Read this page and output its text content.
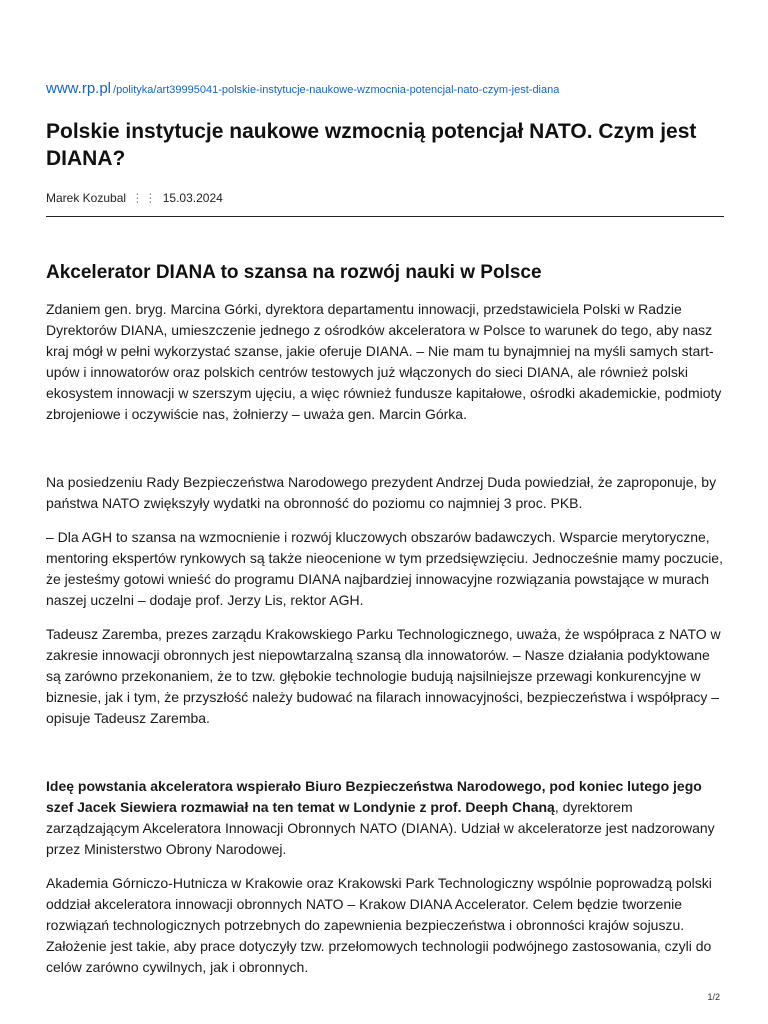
www.rp.pl /polityka/art39995041-polskie-instytucje-naukowe-wzmocnia-potencjal-nato-czym-jest-diana
Polskie instytucje naukowe wzmocnią potencjał NATO. Czym jest DIANA?
Marek Kozubal ⋮⋮ 15.03.2024
Akcelerator DIANA to szansa na rozwój nauki w Polsce

Zdaniem gen. bryg. Marcina Górki, dyrektora departamentu innowacji, przedstawiciela Polski w Radzie Dyrektorów DIANA, umieszczenie jednego z ośrodków akceleratora w Polsce to warunek do tego, aby nasz kraj mógł w pełni wykorzystać szanse, jakie oferuje DIANA. – Nie mam tu bynajmniej na myśli samych start-upów i innowatorów oraz polskich centrów testowych już włączonych do sieci DIANA, ale również polski ekosystem innowacji w szerszym ujęciu, a więc również fundusze kapitałowe, ośrodki akademickie, podmioty zbrojeniowe i oczywiście nas, żołnierzy – uważa gen. Marcin Górka.

Na posiedzeniu Rady Bezpieczeństwa Narodowego prezydent Andrzej Duda powiedział, że zaproponuje, by państwa NATO zwiększyły wydatki na obronność do poziomu co najmniej 3 proc. PKB.

– Dla AGH to szansa na wzmocnienie i rozwój kluczowych obszarów badawczych. Wsparcie merytoryczne, mentoring ekspertów rynkowych są także nieocenione w tym przedsięwzięciu. Jednocześnie mamy poczucie, że jesteśmy gotowi wnieść do programu DIANA najbardziej innowacyjne rozwiązania powstające w murach naszej uczelni – dodaje prof. Jerzy Lis, rektor AGH.

Tadeusz Zaremba, prezes zarządu Krakowskiego Parku Technologicznego, uważa, że współpraca z NATO w zakresie innowacji obronnych jest niepowtarzalną szansą dla innowatorów. – Nasze działania podyktowane są zarówno przekonaniem, że to tzw. głębokie technologie budują najsilniejsze przewagi konkurencyjne w biznesie, jak i tym, że przyszłość należy budować na filarach innowacyjności, bezpieczeństwa i współpracy – opisuje Tadeusz Zaremba.

Ideę powstania akceleratora wspierało Biuro Bezpieczeństwa Narodowego, pod koniec lutego jego szef Jacek Siewiera rozmawiał na ten temat w Londynie z prof. Deeph Chaną, dyrektorem zarządzającym Akceleratora Innowacji Obronnych NATO (DIANA). Udział w akceleratorze jest nadzorowany przez Ministerstwo Obrony Narodowej.

Akademia Górniczo-Hutnicza w Krakowie oraz Krakowski Park Technologiczny wspólnie poprowadzą polski oddział akceleratora innowacji obronnych NATO – Krakow DIANA Accelerator. Celem będzie tworzenie rozwiązań technologicznych potrzebnych do zapewnienia bezpieczeństwa i obronności krajów sojuszu. Założenie jest takie, aby prace dotyczyły tzw. przełomowych technologii podwójnego zastosowania, czyli do celów zarówno cywilnych, jak i obronnych.

1/2
